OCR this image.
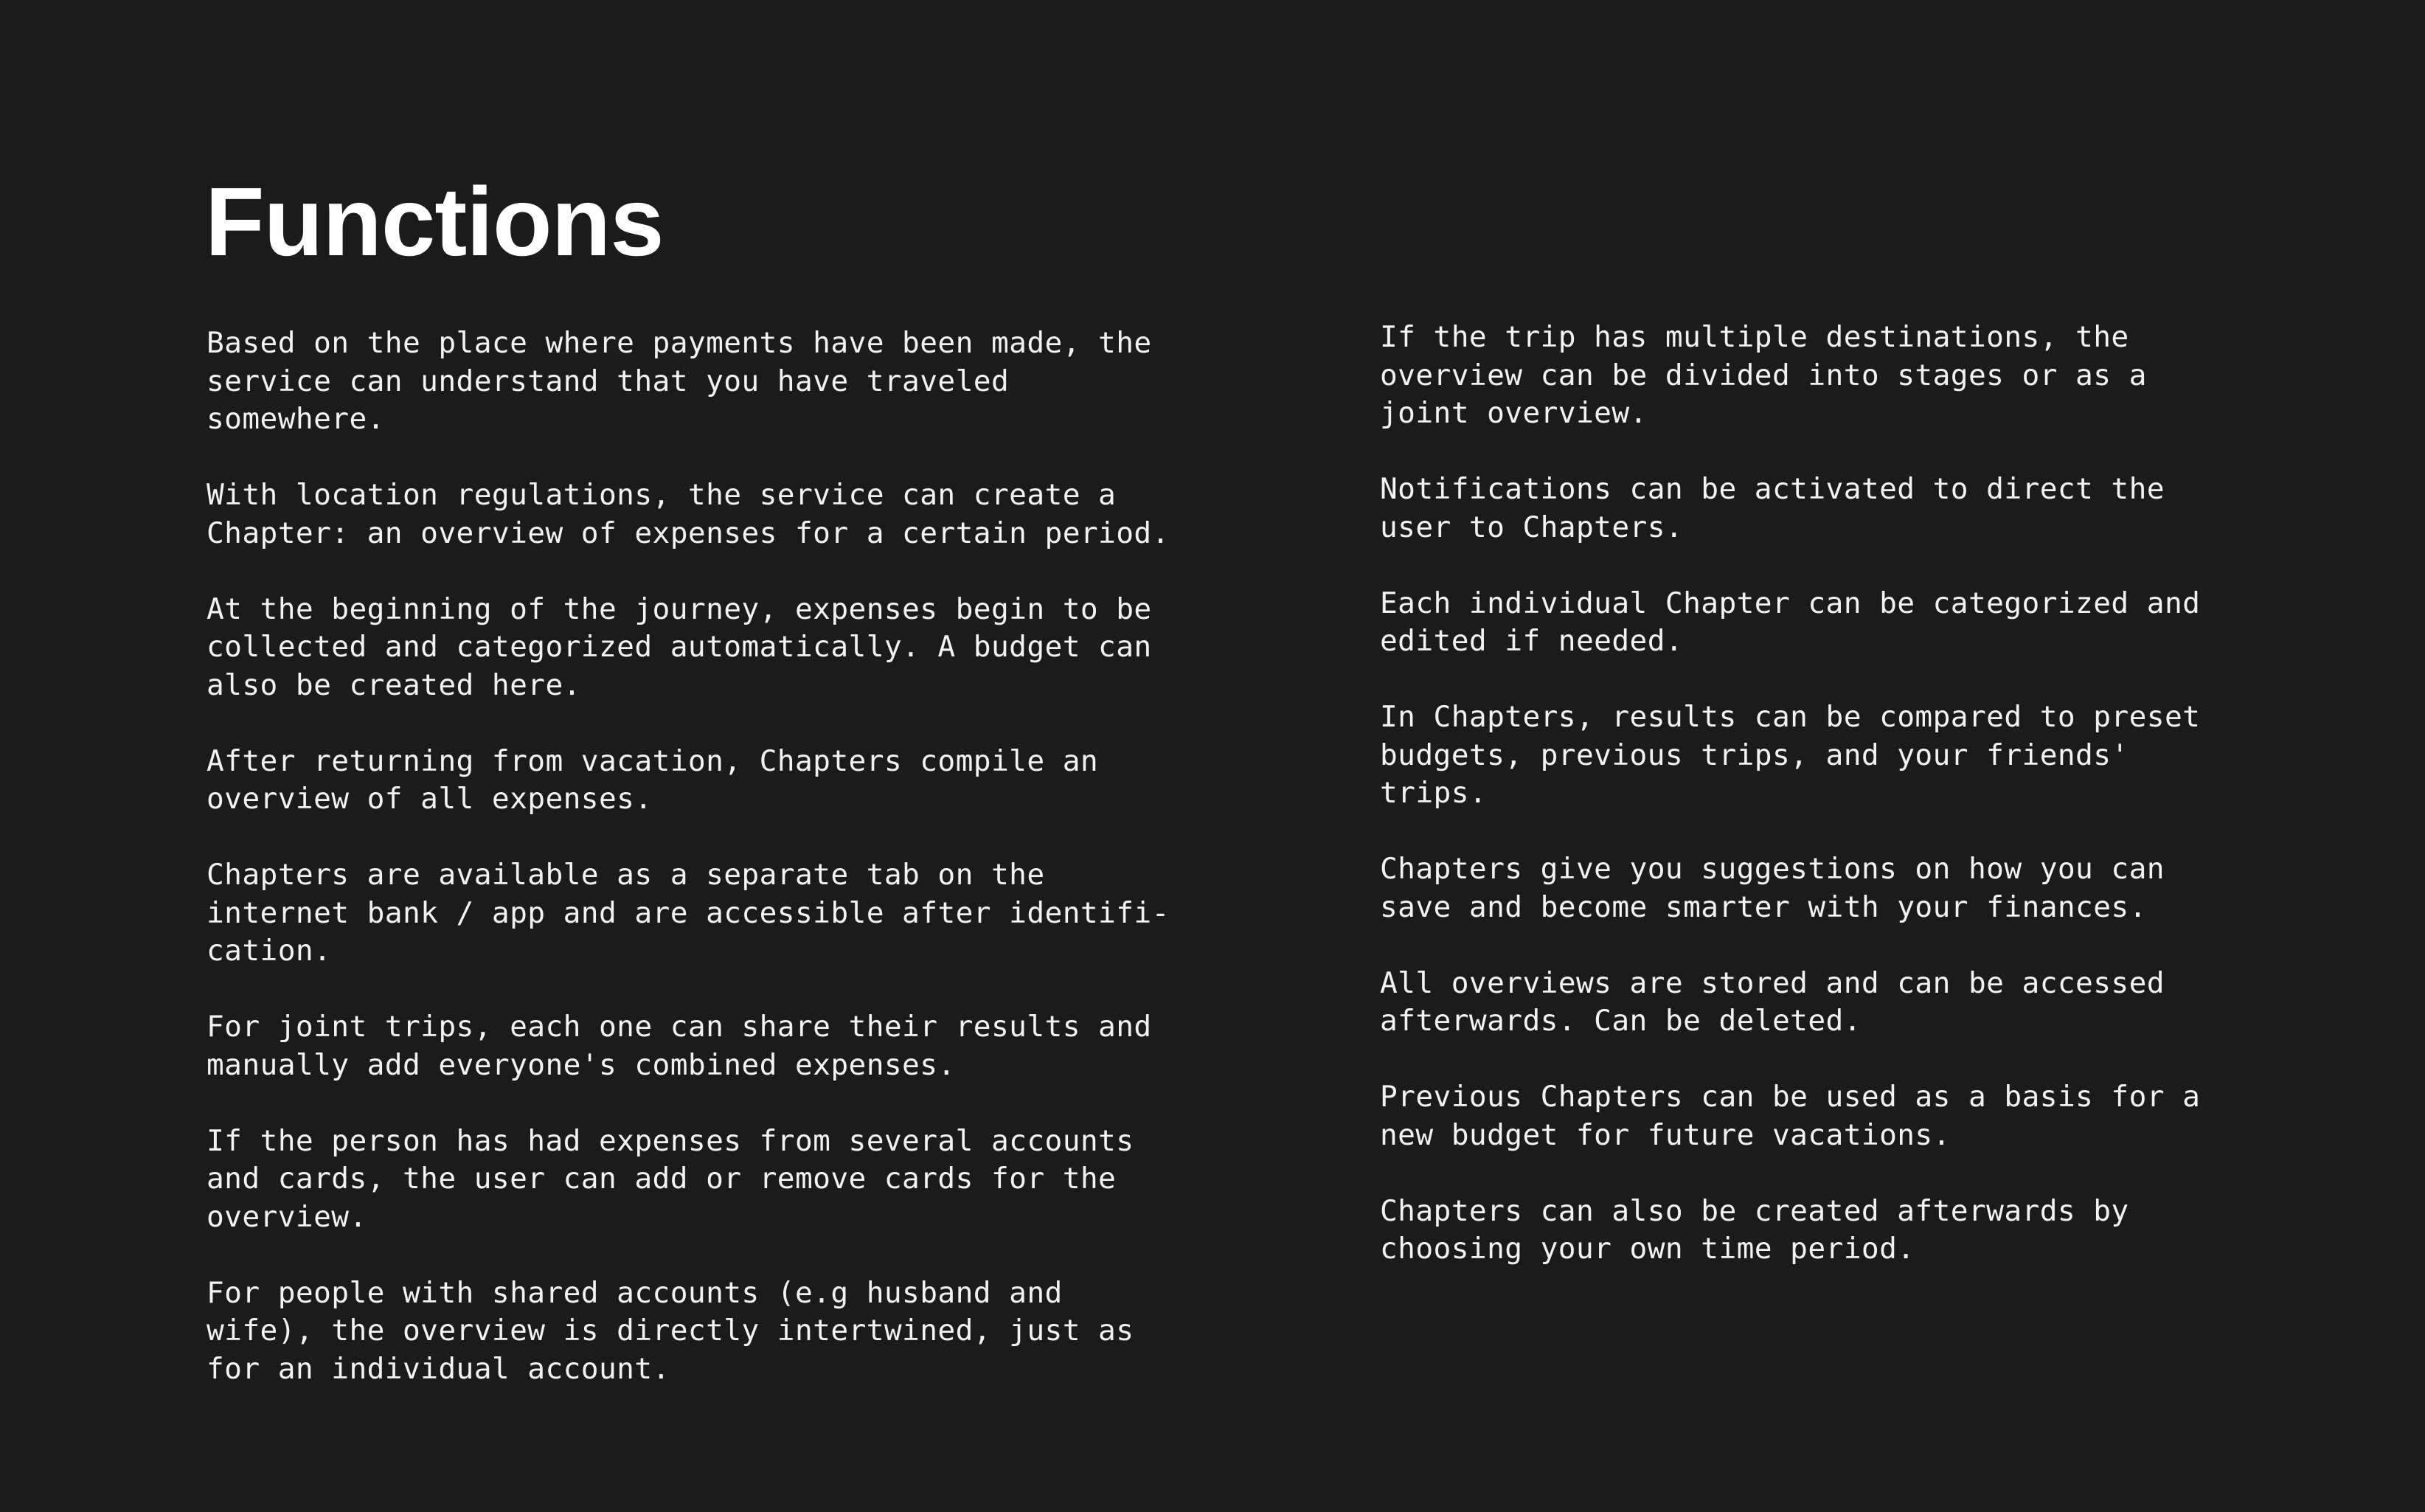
Functions

Based on the place where payments have been made, the
service can understand that you have traveled
somewhere.

With location regulations, the service can create a
Chapter: an overview of expenses for a certain period.

At the beginning of the journey, expenses begin to be
collected and categorized automatically. A budget can
also be created here.

After returning from vacation, Chapters compile an
overview of all expenses.

Chapters are available as a separate tab on the
internet bank / app and are accessible after identifi-
cation.

For joint trips, each one can share their results and
manually add everyone's combined expenses.

If the person has had expenses from several accounts
and cards, the user can add or remove cards for the
overview.

For people with shared accounts (e.g husband and
wife), the overview is directly intertwined, just as
for an individual account.

If the trip has multiple destinations, the
overview can be divided into stages or as a
joint overview.

Notifications can be activated to direct the
user to Chapters.

Each individual Chapter can be categorized and
edited if needed.

In Chapters, results can be compared to preset
budgets, previous trips, and your friends'
trips.

Chapters give you suggestions on how you can
save and become smarter with your finances.

All overviews are stored and can be accessed
afterwards. Can be deleted.

Previous Chapters can be used as a basis for a
new budget for future vacations.

Chapters can also be created afterwards by
choosing your own time period.
